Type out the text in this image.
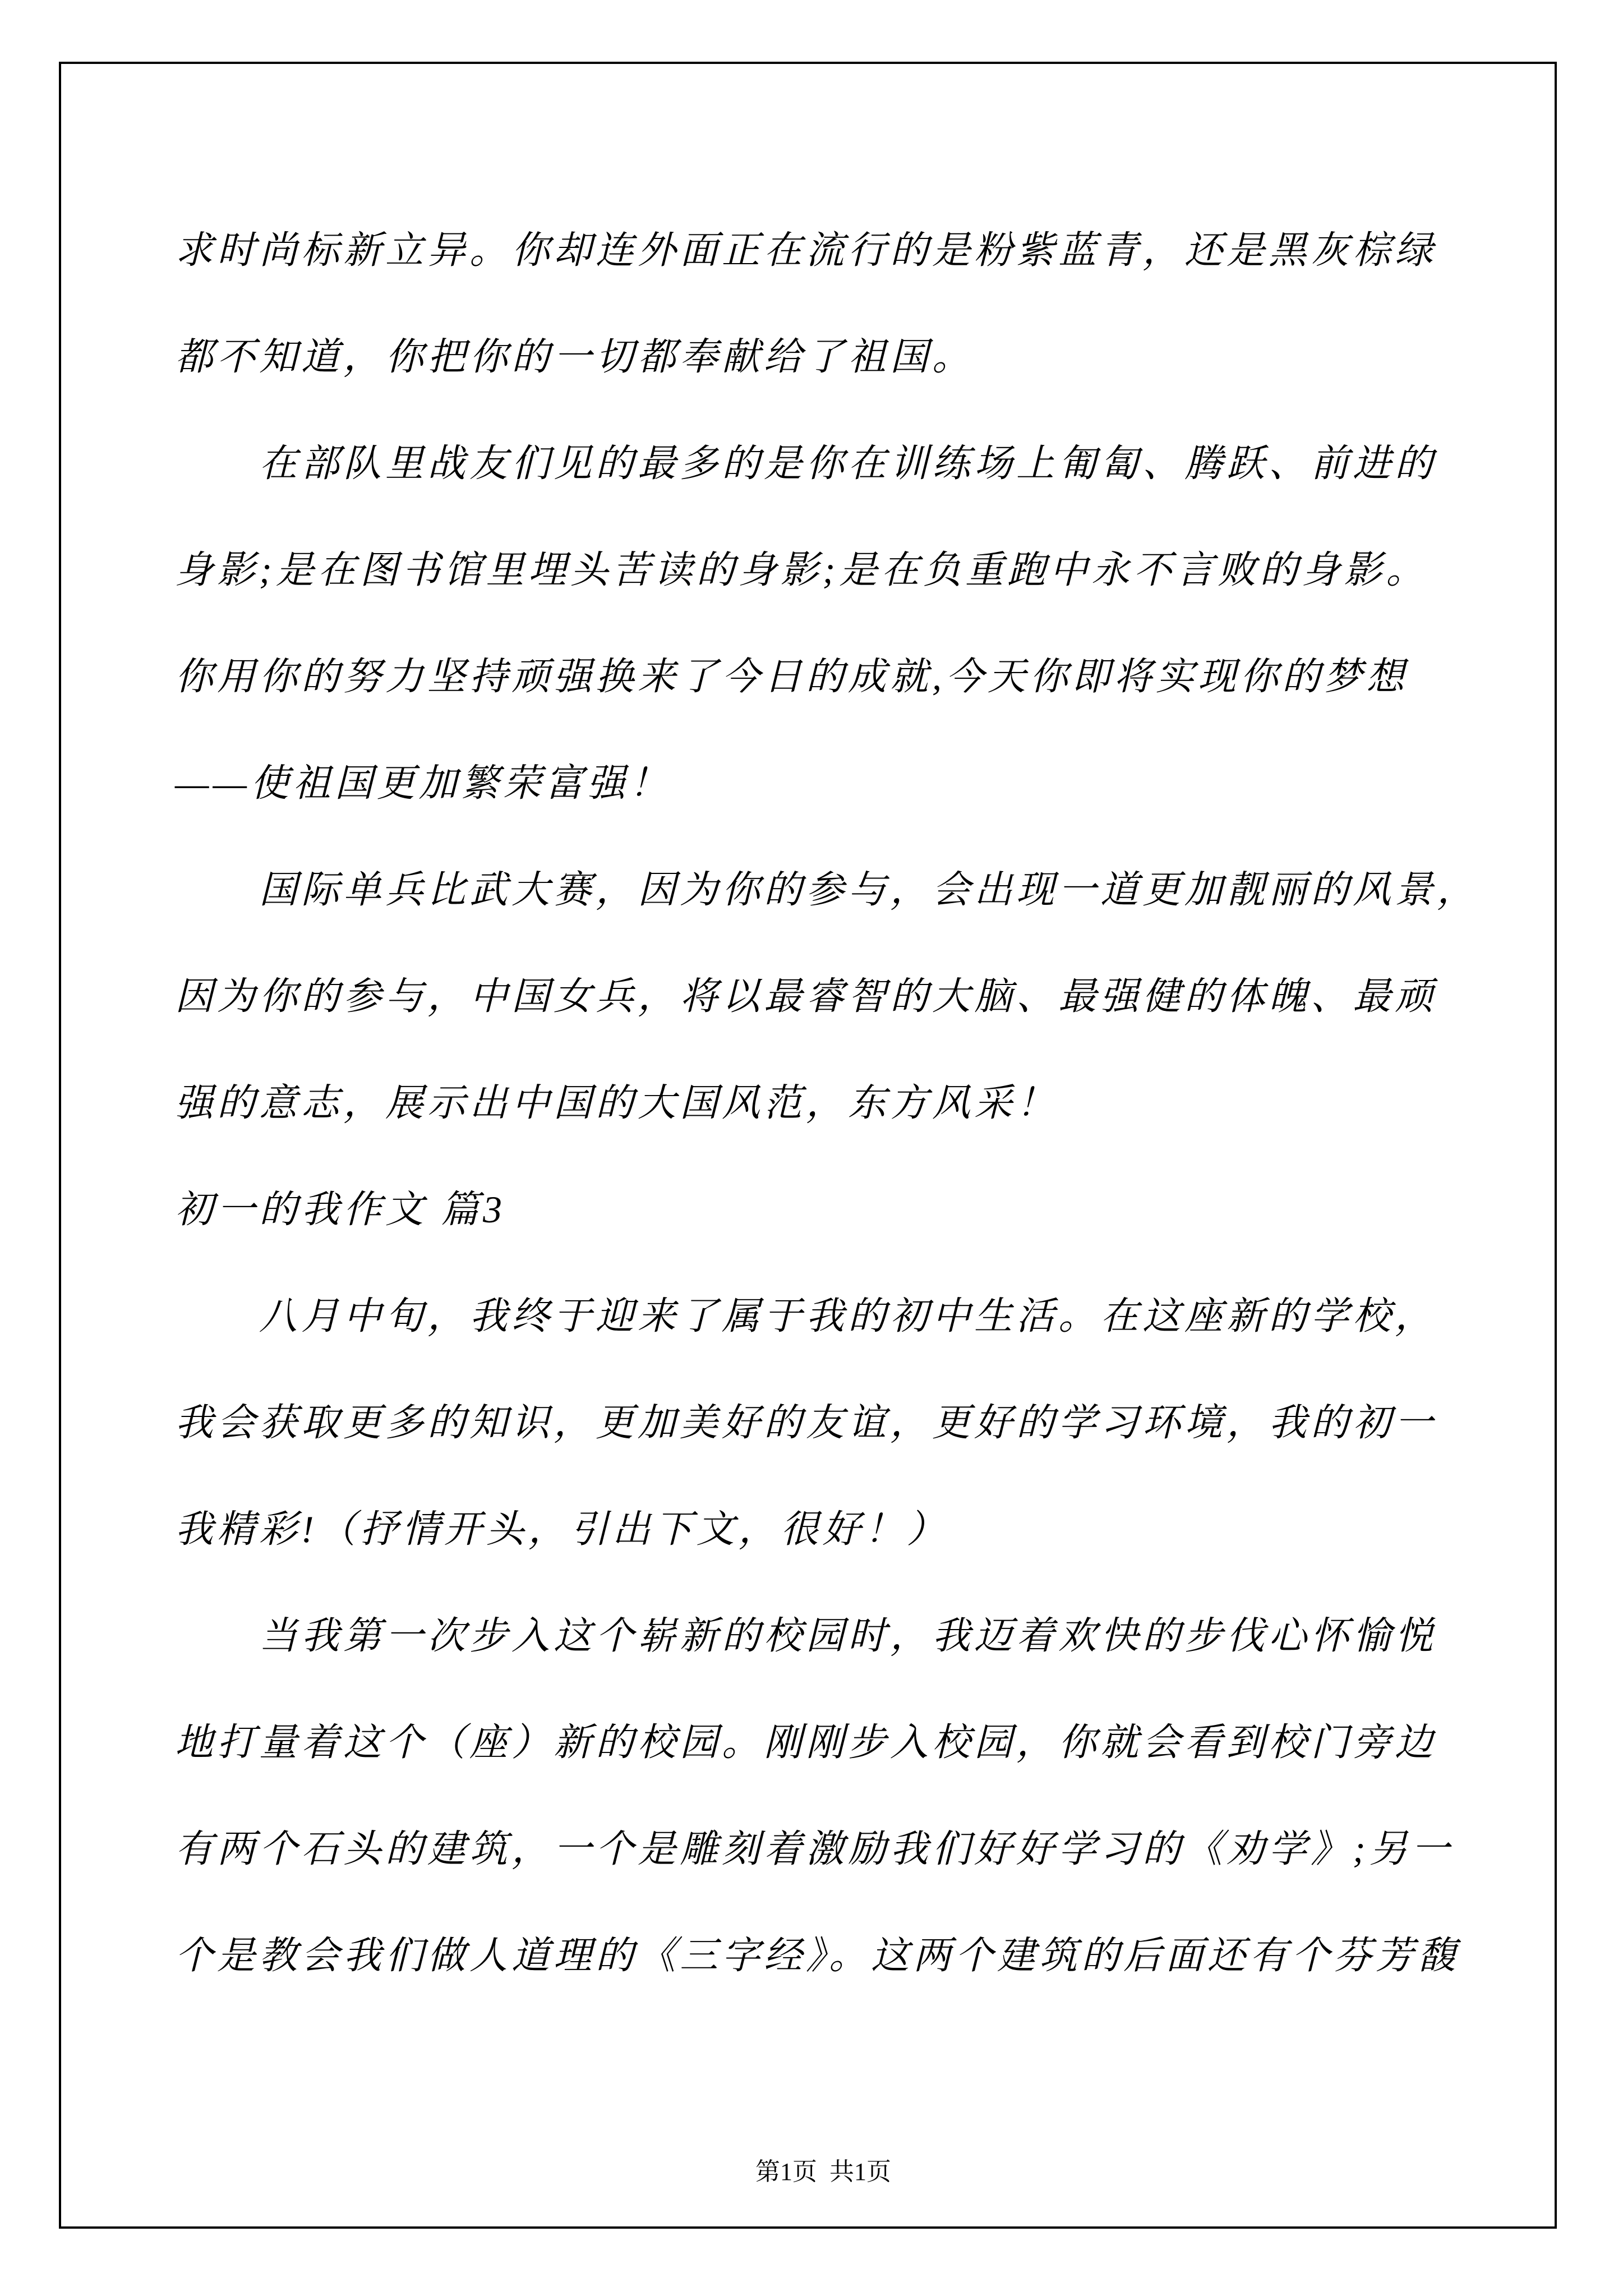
求时尚标新立异。你却连外面正在流行的是粉紫蓝青，还是黑灰棕绿
都不知道，你把你的一切都奉献给了祖国。
在部队里战友们见的最多的是你在训练场上匍匐、腾跃、前进的
身影;是在图书馆里埋头苦读的身影;是在负重跑中永不言败的身影。
你用你的努力坚持顽强换来了今日的成就,今天你即将实现你的梦想
——使祖国更加繁荣富强！
国际单兵比武大赛，因为你的参与，会出现一道更加靓丽的风景，
因为你的参与，中国女兵，将以最睿智的大脑、最强健的体魄、最顽
强的意志，展示出中国的大国风范，东方风采！
初一的我作文 篇3
八月中旬，我终于迎来了属于我的初中生活。在这座新的学校，
我会获取更多的知识，更加美好的友谊，更好的学习环境，我的初一
我精彩!（抒情开头，引出下文，很好！）
当我第一次步入这个崭新的校园时，我迈着欢快的步伐心怀愉悦
地打量着这个（座）新的校园。刚刚步入校园，你就会看到校门旁边
有两个石头的建筑，一个是雕刻着激励我们好好学习的《劝学》;另一
个是教会我们做人道理的《三字经》。这两个建筑的后面还有个芬芳馥

第1页  共1页
